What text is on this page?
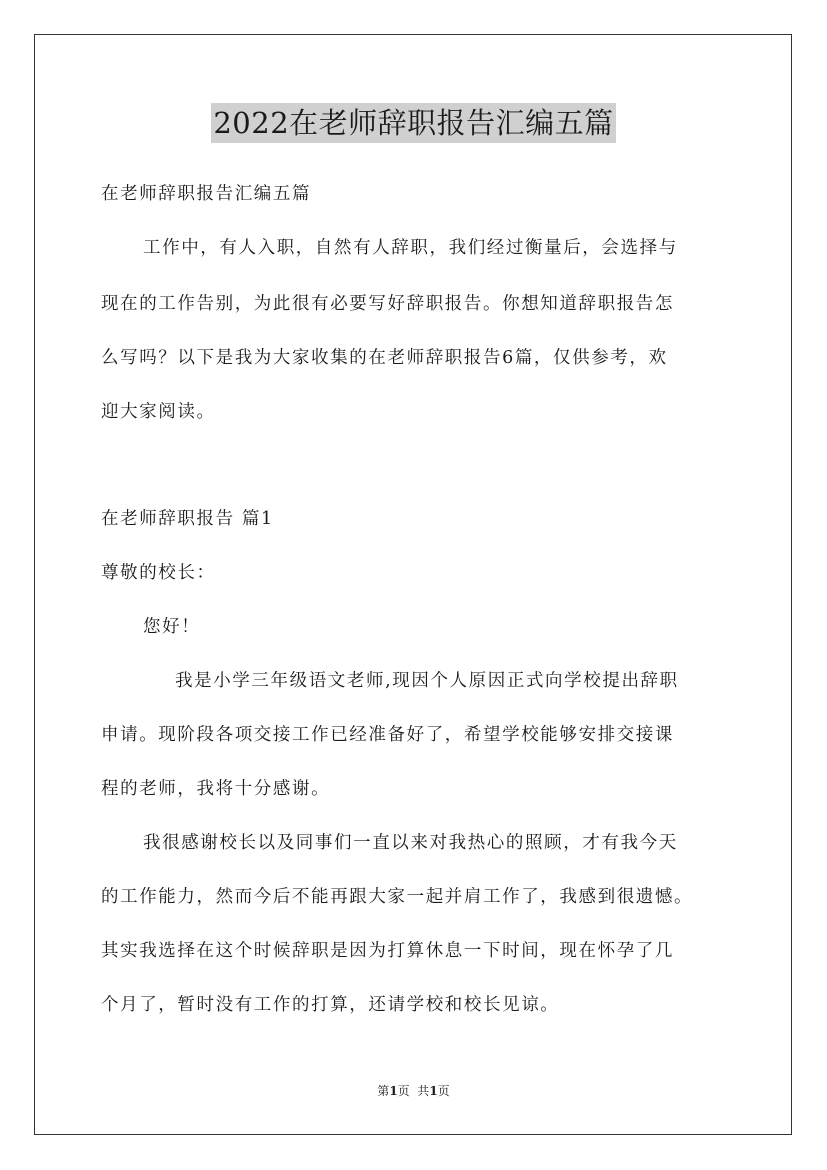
2022在老师辞职报告汇编五篇
在老师辞职报告汇编五篇
工作中，有人入职，自然有人辞职，我们经过衡量后，会选择与
现在的工作告别，为此很有必要写好辞职报告。你想知道辞职报告怎
么写吗？以下是我为大家收集的在老师辞职报告6篇，仅供参考，欢
迎大家阅读。
在老师辞职报告 篇1
尊敬的校长：
您好！
我是小学三年级语文老师,现因个人原因正式向学校提出辞职
申请。现阶段各项交接工作已经准备好了，希望学校能够安排交接课
程的老师，我将十分感谢。
我很感谢校长以及同事们一直以来对我热心的照顾，才有我今天
的工作能力，然而今后不能再跟大家一起并肩工作了，我感到很遗憾。
其实我选择在这个时候辞职是因为打算休息一下时间，现在怀孕了几
个月了，暂时没有工作的打算，还请学校和校长见谅。
第1页  共1页
